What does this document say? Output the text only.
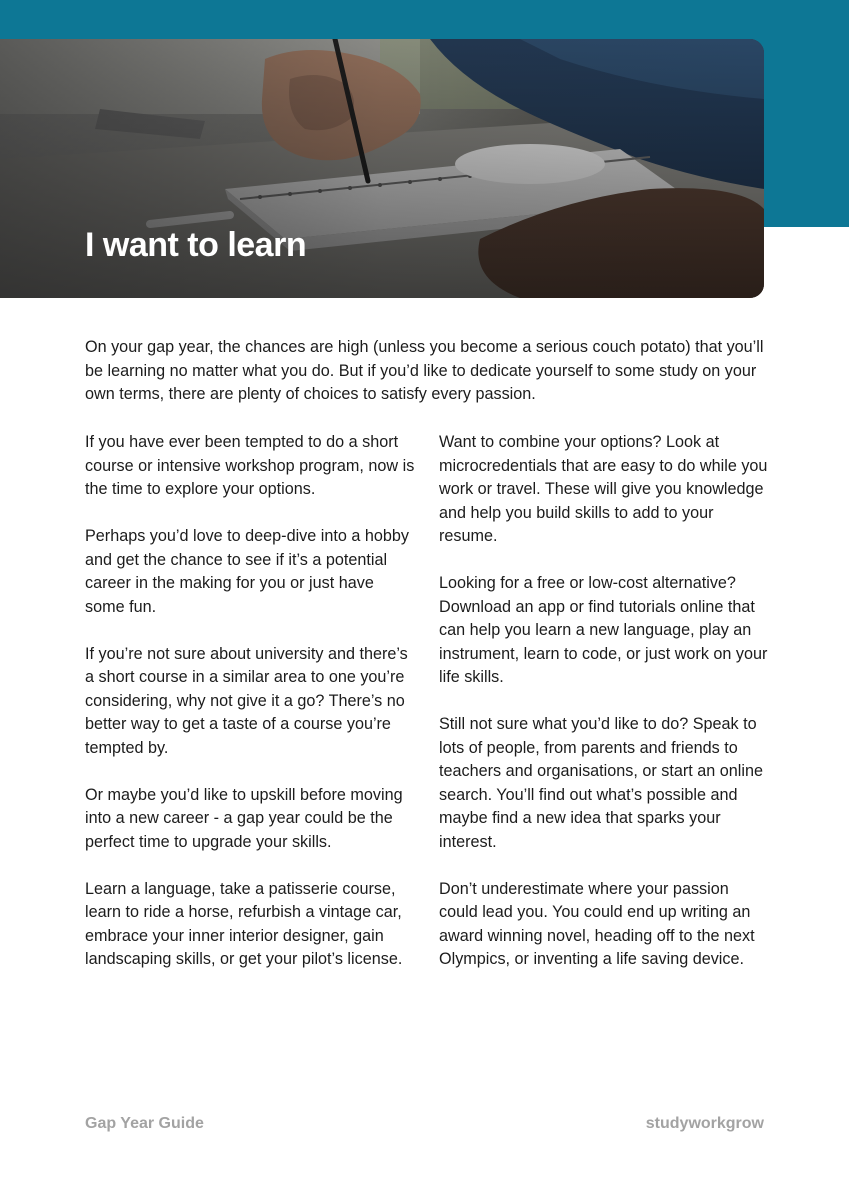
I want to learn

On your gap year, the chances are high (unless you become a serious couch potato) that you’ll be learning no matter what you do. But if you’d like to dedicate yourself to some study on your own terms, there are plenty of choices to satisfy every passion.

If you have ever been tempted to do a short course or intensive workshop program, now is the time to explore your options.

Perhaps you’d love to deep-dive into a hobby and get the chance to see if it’s a potential career in the making for you or just have some fun.

If you’re not sure about university and there’s a short course in a similar area to one you’re considering, why not give it a go? There’s no better way to get a taste of a course you’re tempted by.

Or maybe you’d like to upskill before moving into a new career - a gap year could be the perfect time to upgrade your skills.

Learn a language, take a patisserie course, learn to ride a horse, refurbish a vintage car, embrace your inner interior designer, gain landscaping skills, or get your pilot’s license.

Want to combine your options? Look at microcredentials that are easy to do while you work or travel. These will give you knowledge and help you build skills to add to your resume.

Looking for a free or low-cost alternative? Download an app or find tutorials online that can help you learn a new language, play an instrument, learn to code, or just work on your life skills.

Still not sure what you’d like to do? Speak to lots of people, from parents and friends to teachers and organisations, or start an online search. You’ll find out what’s possible and maybe find a new idea that sparks your interest.

Don’t underestimate where your passion could lead you. You could end up writing an award winning novel, heading off to the next Olympics, or inventing a life saving device.

Gap Year Guide	studyworkgrow
